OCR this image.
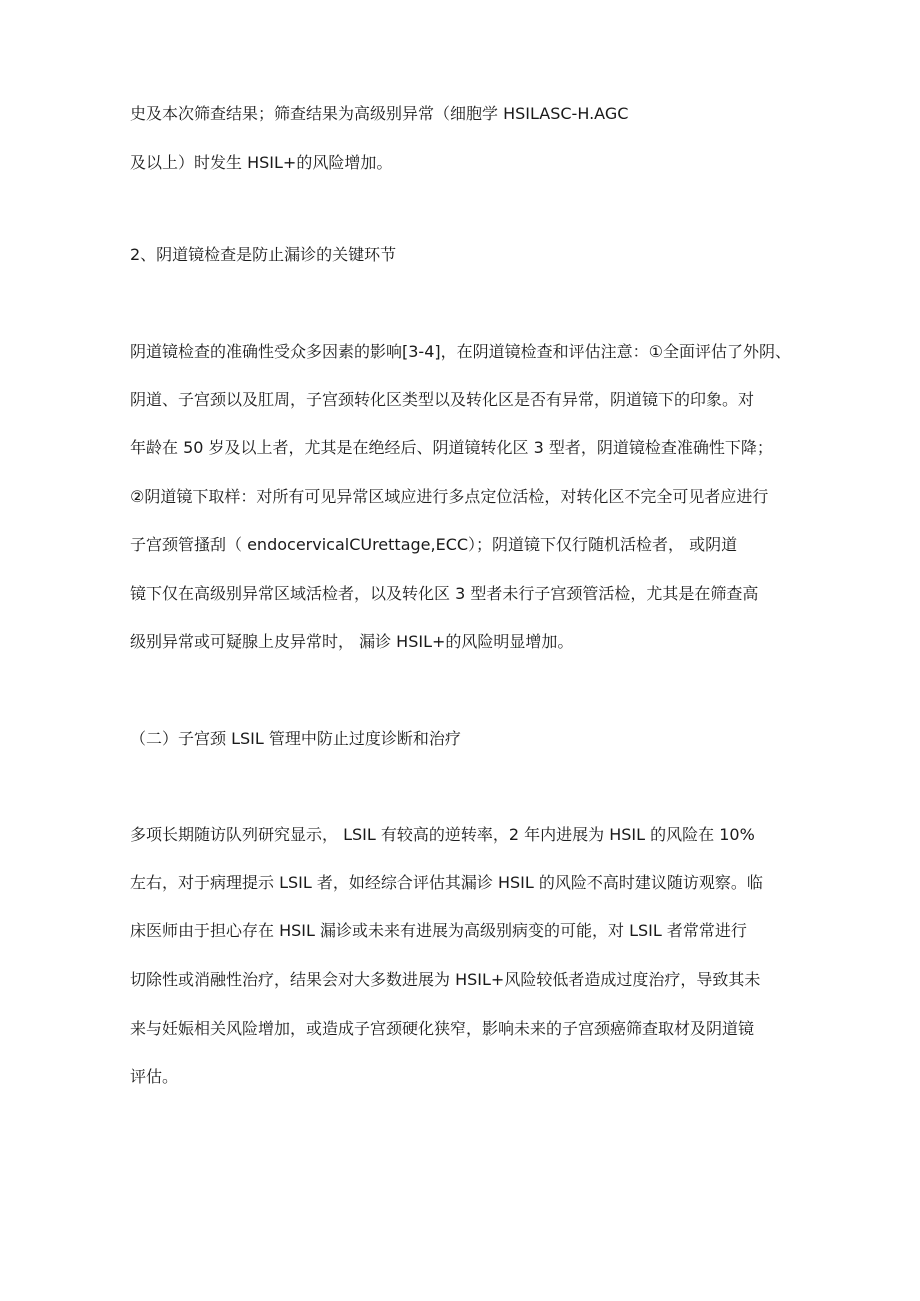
史及本次筛查结果；筛查结果为高级别异常（细胞学 HSILASC-H.AGC
及以上）时发生 HSIL+的风险增加。
2、阴道镜检查是防止漏诊的关键环节
阴道镜检查的准确性受众多因素的影响[3-4]，在阴道镜检查和评估注意：①全面评估了外阴、
阴道、子宫颈以及肛周，子宫颈转化区类型以及转化区是否有异常，阴道镜下的印象。对
年龄在 50 岁及以上者，尤其是在绝经后、阴道镜转化区 3 型者，阴道镜检查准确性下降；
②阴道镜下取样：对所有可见异常区域应进行多点定位活检，对转化区不完全可见者应进行
子宫颈管搔刮（ endocervicalCUrettage,ECC）；阴道镜下仅行随机活检者， 或阴道
镜下仅在高级别异常区域活检者，以及转化区 3 型者未行子宫颈管活检，尤其是在筛查高
级别异常或可疑腺上皮异常时， 漏诊 HSIL+的风险明显增加。
（二）子宫颈 LSIL 管理中防止过度诊断和治疗
多项长期随访队列研究显示， LSIL 有较高的逆转率，2 年内进展为 HSIL 的风险在 10%
左右，对于病理提示 LSIL 者，如经综合评估其漏诊 HSIL 的风险不高时建议随访观察。临
床医师由于担心存在 HSIL 漏诊或未来有进展为高级别病变的可能，对 LSIL 者常常进行
切除性或消融性治疗，结果会对大多数进展为 HSIL+风险较低者造成过度治疗，导致其未
来与妊娠相关风险增加，或造成子宫颈硬化狭窄，影响未来的子宫颈癌筛查取材及阴道镜
评估。
